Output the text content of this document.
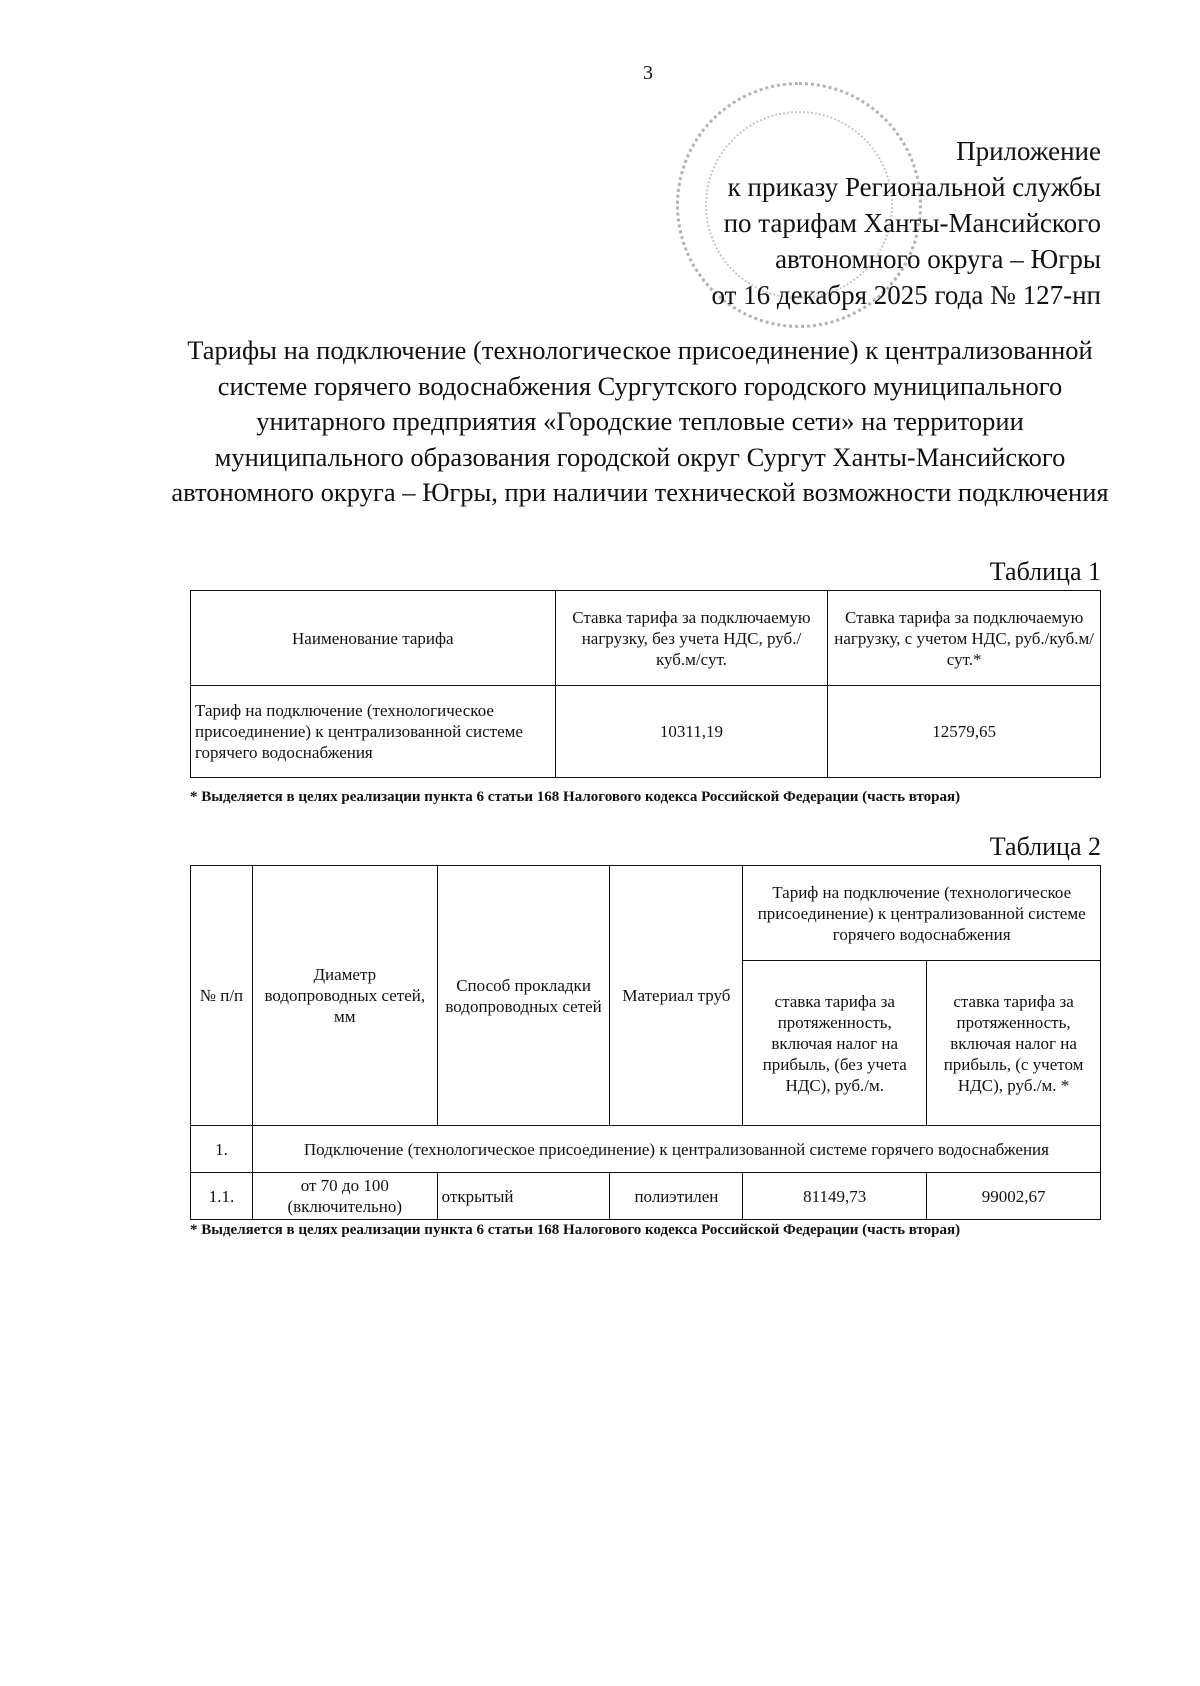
3
Приложение
к приказу Региональной службы
по тарифам Ханты-Мансийского
автономного округа – Югры
от 16 декабря 2025 года № 127-нп
Тарифы на подключение (технологическое присоединение) к централизованной системе горячего водоснабжения Сургутского городского муниципального унитарного предприятия «Городские тепловые сети» на территории муниципального образования городской округ Сургут Ханты-Мансийского автономного округа – Югры, при наличии технической возможности подключения
Таблица 1
Наименование тарифа	Ставка тарифа за подключаемую нагрузку, без учета НДС, руб./куб.м/сут.	Ставка тарифа за подключаемую нагрузку, с учетом НДС, руб./куб.м/сут.*
Тариф на подключение (технологическое присоединение) к централизованной системе горячего водоснабжения	10311,19	12579,65
* Выделяется в целях реализации пункта 6 статьи 168 Налогового кодекса Российской Федерации (часть вторая)
Таблица 2
№ п/п	Диаметр водопроводных сетей, мм	Способ прокладки водопроводных сетей	Материал труб	Тариф на подключение (технологическое присоединение) к централизованной системе горячего водоснабжения	
				ставка тарифа за протяженность, включая налог на прибыль, (без учета НДС), руб./м.	ставка тарифа за протяженность, включая налог на прибыль, (с учетом НДС), руб./м. *
1.	Подключение (технологическое присоединение) к централизованной системе горячего водоснабжения				
1.1.	от 70 до 100 (включительно)	открытый	полиэтилен	81149,73	99002,67
* Выделяется в целях реализации пункта 6 статьи 168 Налогового кодекса Российской Федерации (часть вторая)
